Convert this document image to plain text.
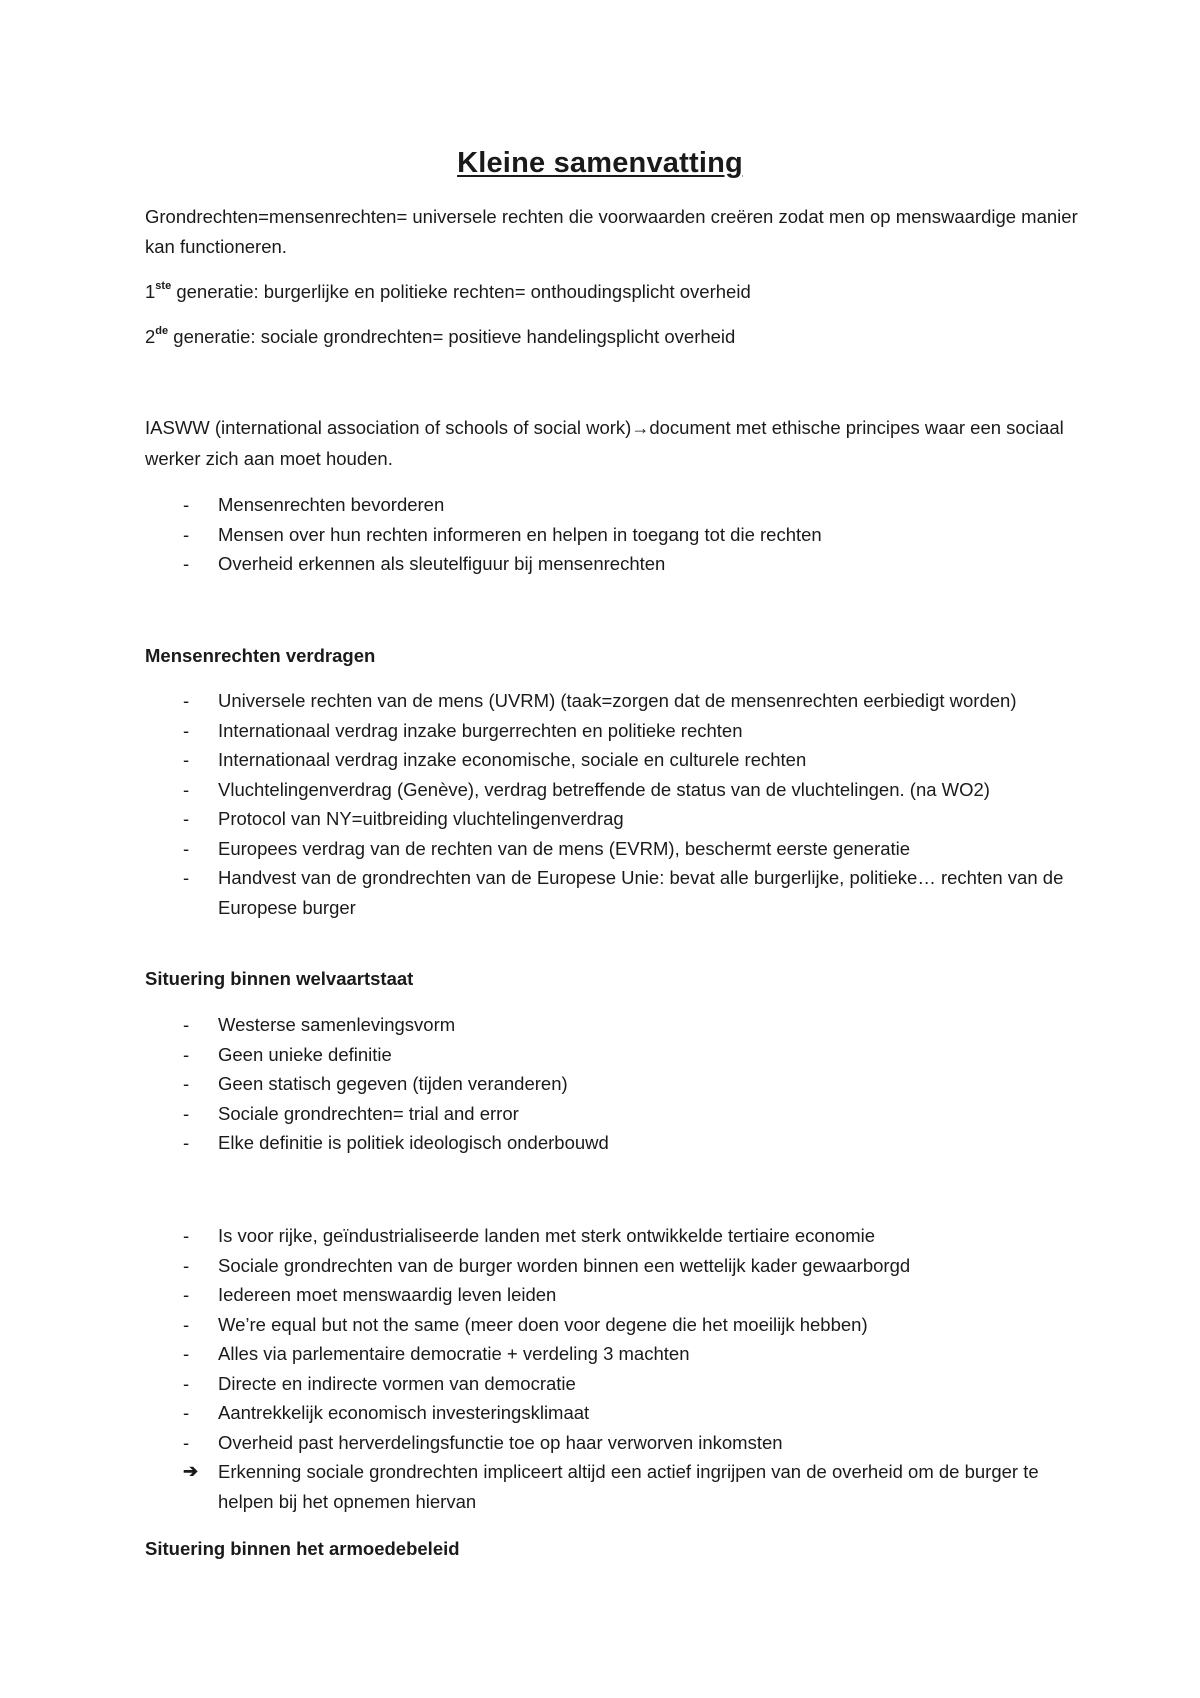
Kleine samenvatting

Grondrechten=mensenrechten= universele rechten die voorwaarden creëren zodat men op menswaardige manier kan functioneren.

1ste generatie: burgerlijke en politieke rechten= onthoudingsplicht overheid
2de generatie: sociale grondrechten= positieve handelingsplicht overheid
IASWW (international association of schools of social work)→document met ethische principes waar een sociaal werker zich aan moet houden.
-	Mensenrechten bevorderen
-	Mensen over hun rechten informeren en helpen in toegang tot die rechten
-	Overheid erkennen als sleutelfiguur bij mensenrechten
Mensenrechten verdragen
-	Universele rechten van de mens (UVRM) (taak=zorgen dat de mensenrechten eerbiedigt worden)
-	Internationaal verdrag inzake burgerrechten en politieke rechten
-	Internationaal verdrag inzake economische, sociale en culturele rechten
-	Vluchtelingenverdrag (Genève), verdrag betreffende de status van de vluchtelingen. (na WO2)
-	Protocol van NY=uitbreiding vluchtelingenverdrag
-	Europees verdrag van de rechten van de mens (EVRM), beschermt eerste generatie
-	Handvest van de grondrechten van de Europese Unie: bevat alle burgerlijke, politieke… rechten van de Europese burger
Situering binnen welvaartstaat
-	Westerse samenlevingsvorm
-	Geen unieke definitie
-	Geen statisch gegeven (tijden veranderen)
-	Sociale grondrechten= trial and error
-	Elke definitie is politiek ideologisch onderbouwd
-	Is voor rijke, geïndustrialiseerde landen met sterk ontwikkelde tertiaire economie
-	Sociale grondrechten van de burger worden binnen een wettelijk kader gewaarborgd
-	Iedereen moet menswaardig leven leiden
-	We’re equal but not the same (meer doen voor degene die het moeilijk hebben)
-	Alles via parlementaire democratie + verdeling 3 machten
-	Directe en indirecte vormen van democratie
-	Aantrekkelijk economisch investeringsklimaat
-	Overheid past herverdelingsfunctie toe op haar verworven inkomsten
➔ Erkenning sociale grondrechten impliceert altijd een actief ingrijpen van de overheid om de burger te helpen bij het opnemen hiervan
Situering binnen het armoedebeleid
